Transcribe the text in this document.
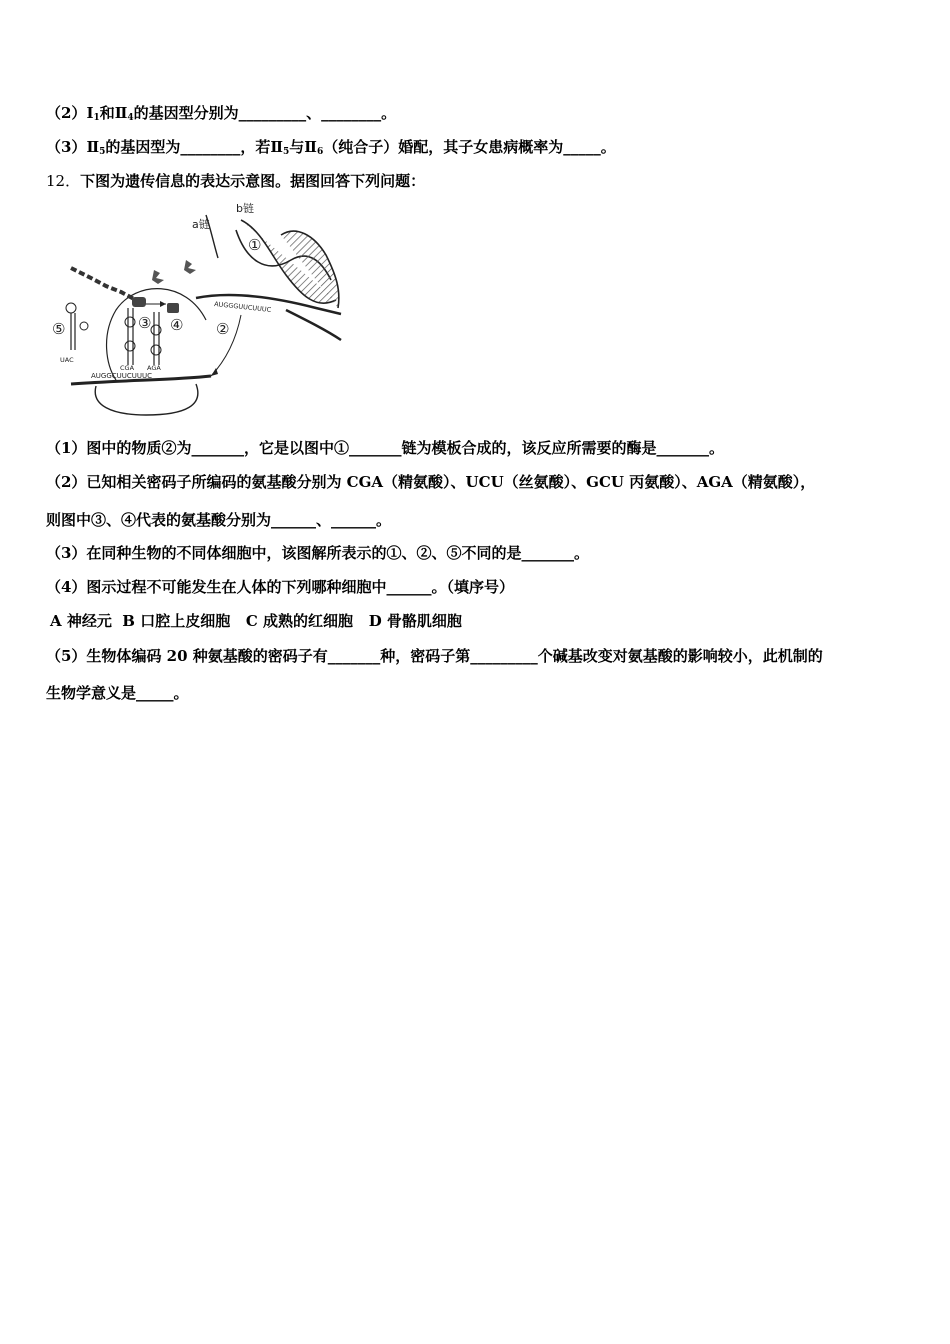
$(2)Ⅰ_1$和$Ⅱ_4$的基因型分别为_________、________。
$(3)Ⅱ_5$的基因型为________，若$Ⅱ_5$与$Ⅱ_6$（纯合子）婚配，其子女患病概率为_____。
12．下图为遗传信息的表达示意图。据图回答下列问题：
AUGGGUUCUUUC
⑤	③ ④ ②
①
b链
a链
UAC
CGA AGA
AUGGCUUCUUUC
（1）图中的物质②为_______，它是以图中①_______链为模板合成的，该反应所需要的酶是_______。
（2）已知相关密码子所编码的氨基酸分别为 CGA（精氨酸）、UCU（丝氨酸）、GCU 丙氨酸）、AGA（精氨酸），
则图中③、④代表的氨基酸分别为______、______。
（3）在同种生物的不同体细胞中，该图解所表示的①、②、⑤不同的是_______。
（4）图示过程不可能发生在人体的下列哪种细胞中______。（填序号）
A 神经元  B 口腔上皮细胞   C 成熟的红细胞   D 骨骼肌细胞
（5）生物体编码 20 种氨基酸的密码子有_______种，密码子第_________个碱基改变对氨基酸的影响较小，此机制的
生物学意义是_____。
